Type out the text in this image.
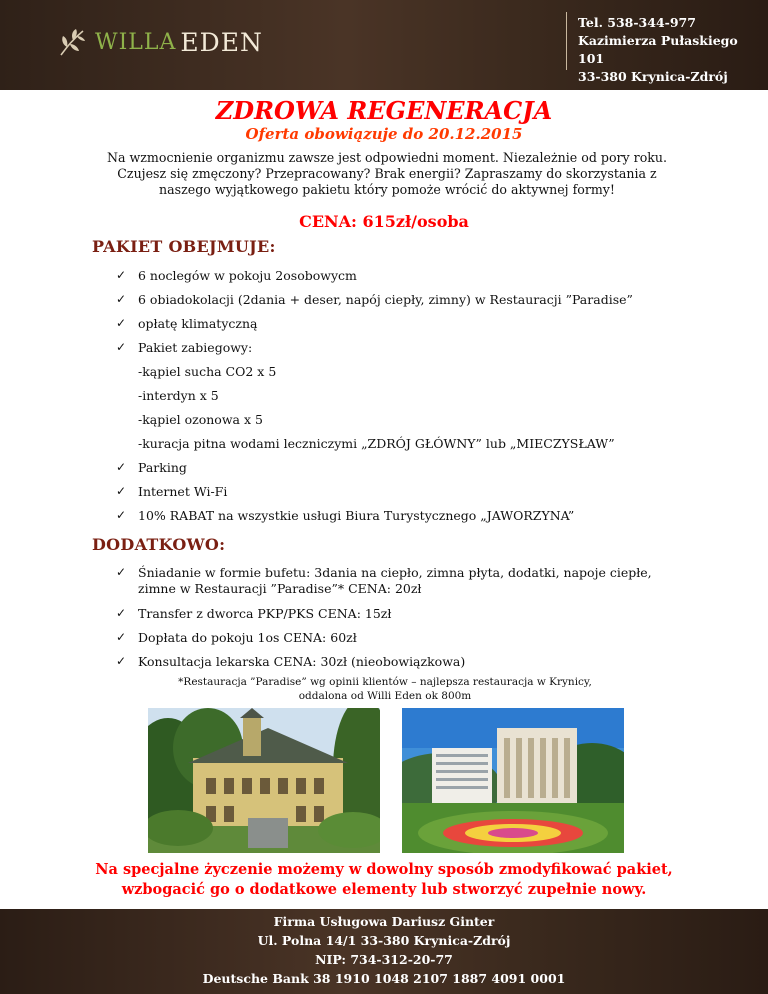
WILLA EDEN
Tel. 538-344-977
Kazimierza Pułaskiego 101
33-380 Krynica-Zdrój
ZDROWA REGENERACJA
Oferta obowiązuje do 20.12.2015
Na wzmocnienie organizmu zawsze jest odpowiedni moment. Niezależnie od pory roku. Czujesz się zmęczony? Przepracowany? Brak energii? Zapraszamy do skorzystania z naszego wyjątkowego pakietu który pomoże wrócić do aktywnej formy!
CENA: 615zł/osoba
PAKIET OBEJMUJE:
✓ 6 noclegów w pokoju 2osobowycm
✓ 6 obiadokolacji (2dania + deser, napój ciepły, zimny) w Restauracji ”Paradise”
✓ opłatę klimatyczną
✓ Pakiet zabiegowy:
-kąpiel sucha CO2 x 5
-interdyn x 5
-kąpiel ozonowa x 5
-kuracja pitna wodami leczniczymi „ZDRÓJ GŁÓWNY” lub „MIECZYSŁAW”
✓ Parking
✓ Internet Wi-Fi
✓ 10% RABAT na wszystkie usługi Biura Turystycznego „JAWORZYNA”
DODATKOWO:
✓ Śniadanie w formie bufetu: 3dania na ciepło, zimna płyta, dodatki, napoje ciepłe,
zimne w Restauracji ”Paradise”* CENA: 20zł
✓ Transfer z dworca PKP/PKS CENA: 15zł
✓ Dopłata do pokoju 1os CENA: 60zł
✓ Konsultacja lekarska CENA: 30zł (nieobowiązkowa)
*Restauracja ”Paradise” wg opinii klientów – najlepsza restauracja w Krynicy,
oddalona od Willi Eden ok 800m
Na specjalne życzenie możemy w dowolny sposób zmodyfikować pakiet,
wzbogacić go o dodatkowe elementy lub stworzyć zupełnie nowy.
Firma Usługowa Dariusz Ginter
Ul. Polna 14/1 33-380 Krynica-Zdrój
NIP: 734-312-20-77
Deutsche Bank 38 1910 1048 2107 1887 4091 0001
